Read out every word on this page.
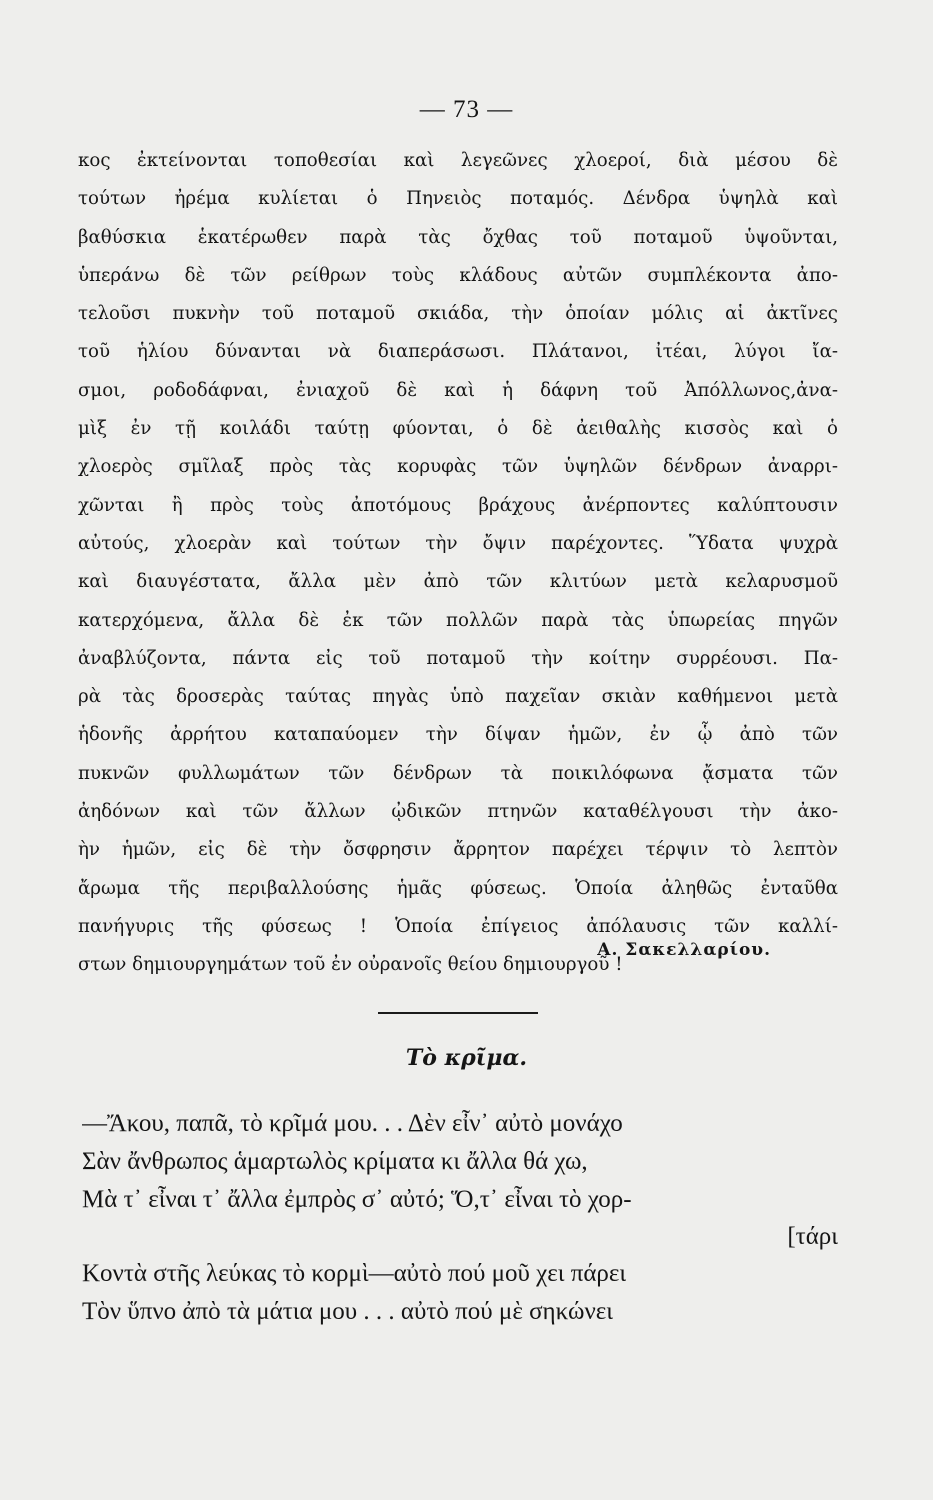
— 73 —
κος ἐκτείνονται τοποθεσίαι καὶ λεγεῶνες χλοεροί, διὰ μέσου δὲ
τούτων ἠρέμα κυλίεται ὁ Πηνειὸς ποταμός. Δένδρα ὑψηλὰ καὶ
βαθύσκια ἑκατέρωθεν παρὰ τὰς ὄχθας τοῦ ποταμοῦ ὑψοῦνται,
ὑπεράνω δὲ τῶν ρείθρων τοὺς κλάδους αὐτῶν συμπλέκοντα ἀπο-
τελοῦσι πυκνὴν τοῦ ποταμοῦ σκιάδα, τὴν ὁποίαν μόλις αἱ ἀκτῖνες
τοῦ ἡλίου δύνανται νὰ διαπεράσωσι. Πλάτανοι, ἰτέαι, λύγοι ἴα-
σμοι, ροδοδάφναι, ἐνιαχοῦ δὲ καὶ ἡ δάφνη τοῦ Ἀπόλλωνος,ἀνα-
μὶξ ἐν τῇ κοιλάδι ταύτῃ φύονται, ὁ δὲ ἀειθαλὴς κισσὸς καὶ ὁ
χλοερὸς σμῖλαξ πρὸς τὰς κορυφὰς τῶν ὑψηλῶν δένδρων ἀναρρι-
χῶνται ἢ πρὸς τοὺς ἀποτόμους βράχους ἀνέρποντες καλύπτουσιν
αὐτούς, χλοερὰν καὶ τούτων τὴν ὄψιν παρέχοντες. Ὕδατα ψυχρὰ
καὶ διαυγέστατα, ἄλλα μὲν ἀπὸ τῶν κλιτύων μετὰ κελαρυσμοῦ
κατερχόμενα, ἄλλα δὲ ἐκ τῶν πολλῶν παρὰ τὰς ὑπωρείας πηγῶν
ἀναβλύζοντα, πάντα εἰς τοῦ ποταμοῦ τὴν κοίτην συρρέουσι. Πα-
ρὰ τὰς δροσερὰς ταύτας πηγὰς ὑπὸ παχεῖαν σκιὰν καθήμενοι μετὰ
ἡδονῆς ἀρρήτου καταπαύομεν τὴν δίψαν ἡμῶν, ἐν ᾧ ἀπὸ τῶν
πυκνῶν φυλλωμάτων τῶν δένδρων τὰ ποικιλόφωνα ᾄσματα τῶν
ἀηδόνων καὶ τῶν ἄλλων ᾠδικῶν πτηνῶν καταθέλγουσι τὴν ἀκο-
ὴν ἡμῶν, εἰς δὲ τὴν ὄσφρησιν ἄρρητον παρέχει τέρψιν τὸ λεπτὸν
ἄρωμα τῆς περιβαλλούσης ἡμᾶς φύσεως. Ὁποία ἀληθῶς ἐνταῦθα
πανήγυρις τῆς φύσεως ! Ὁποία ἐπίγειος ἀπόλαυσις τῶν καλλί-
στων δημιουργημάτων τοῦ ἐν οὐρανοῖς θείου δημιουργοῦ !
Α. Σακελλαρίου.
Τὸ κρῖμα.
—Ἄκου, παπᾶ, τὸ κρῖμά μου. . . Δὲν εἶν᾽ αὐτὸ μονάχο
Σὰν ἄνθρωπος ἁμαρτωλὸς κρίματα κι ἄλλα θά χω,
Μὰ τ᾽ εἶναι τ᾽ ἄλλα ἐμπρὸς σ᾽ αὐτό; Ὅ,τ᾽ εἶναι τὸ χορ-
[τάρι
Κοντὰ στῆς λεύκας τὸ κορμὶ—αὐτὸ πού μοῦ χει πάρει
Τὸν ὕπνο ἀπὸ τὰ μάτια μου . . . αὐτὸ πού μὲ σηκώνει
